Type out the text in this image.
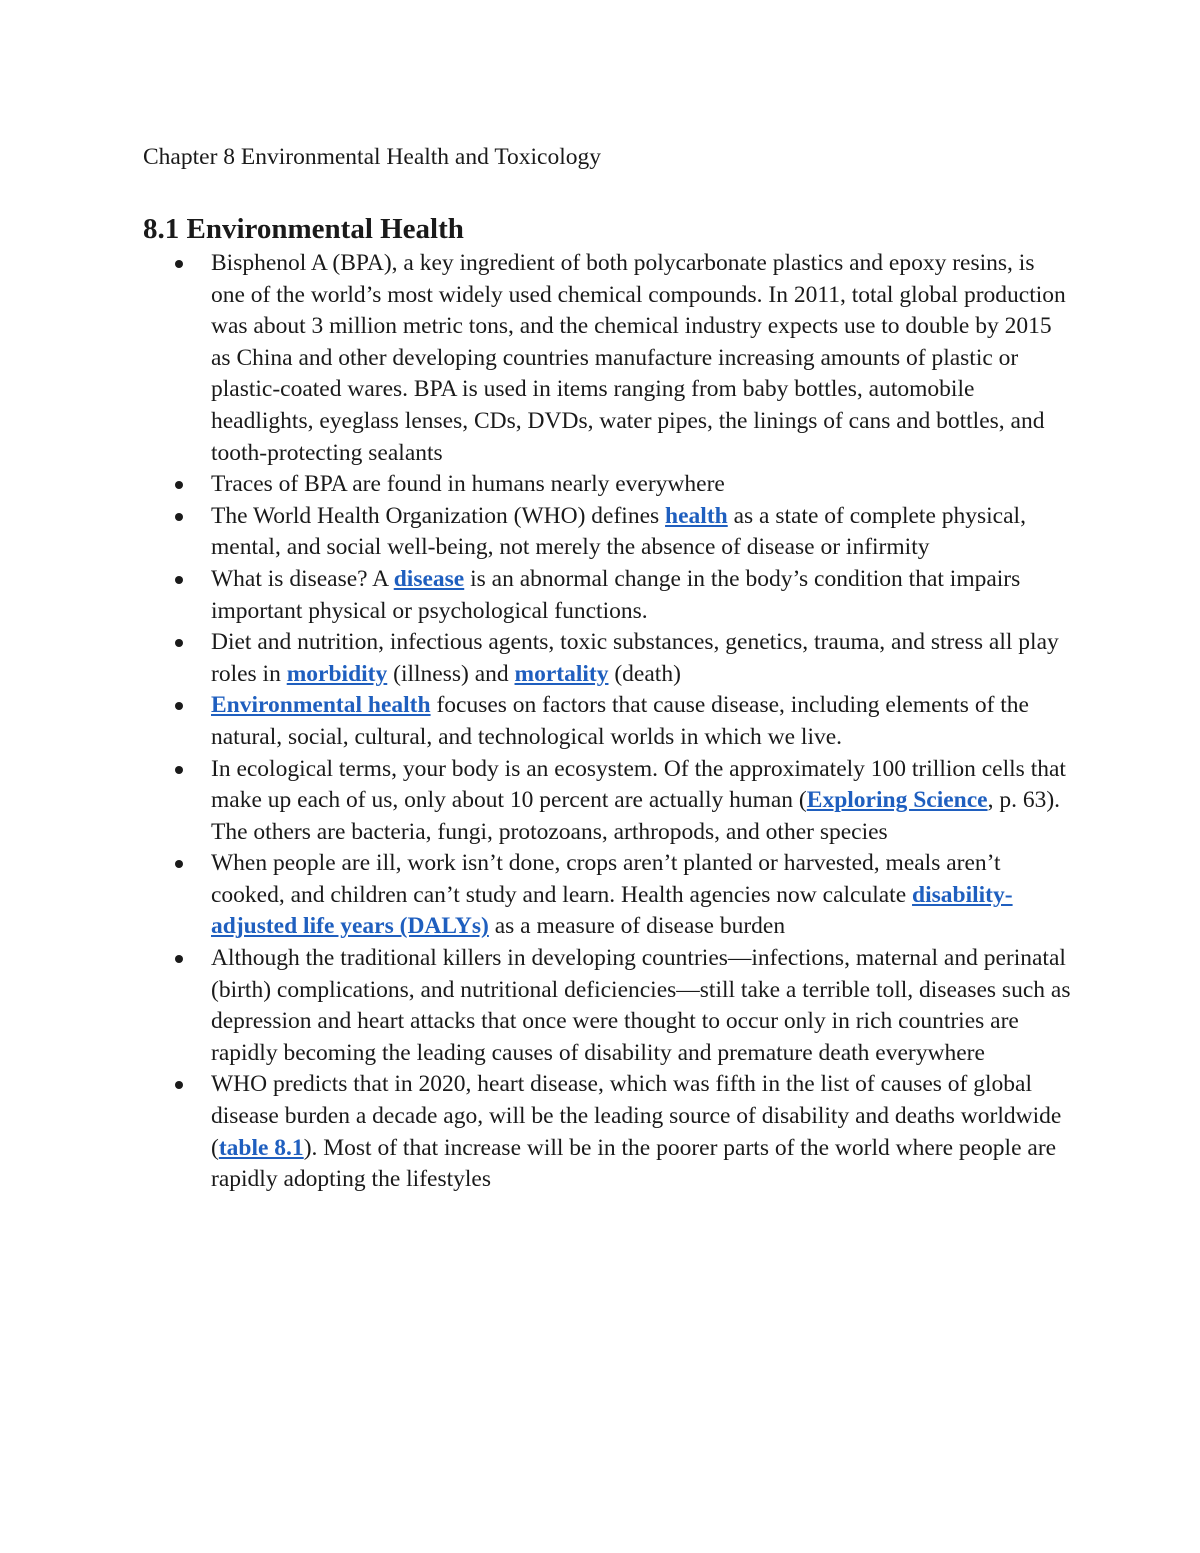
Chapter 8 Environmental Health and Toxicology
8.1 Environmental Health
Bisphenol A (BPA), a key ingredient of both polycarbonate plastics and epoxy resins, is one of the world’s most widely used chemical compounds. In 2011, total global production was about 3 million metric tons, and the chemical industry expects use to double by 2015 as China and other developing countries manufacture increasing amounts of plastic or plastic-coated wares. BPA is used in items ranging from baby bottles, automobile headlights, eyeglass lenses, CDs, DVDs, water pipes, the linings of cans and bottles, and tooth-protecting sealants
Traces of BPA are found in humans nearly everywhere
The World Health Organization (WHO) defines health as a state of complete physical, mental, and social well-being, not merely the absence of disease or infirmity
What is disease? A disease is an abnormal change in the body’s condition that impairs important physical or psychological functions.
Diet and nutrition, infectious agents, toxic substances, genetics, trauma, and stress all play roles in morbidity (illness) and mortality (death)
Environmental health focuses on factors that cause disease, including elements of the natural, social, cultural, and technological worlds in which we live.
In ecological terms, your body is an ecosystem. Of the approximately 100 trillion cells that make up each of us, only about 10 percent are actually human (Exploring Science, p. 63). The others are bacteria, fungi, protozoans, arthropods, and other species
When people are ill, work isn’t done, crops aren’t planted or harvested, meals aren’t cooked, and children can’t study and learn. Health agencies now calculate disability-adjusted life years (DALYs) as a measure of disease burden
Although the traditional killers in developing countries—infections, maternal and perinatal (birth) complications, and nutritional deficiencies—still take a terrible toll, diseases such as depression and heart attacks that once were thought to occur only in rich countries are rapidly becoming the leading causes of disability and premature death everywhere
WHO predicts that in 2020, heart disease, which was fifth in the list of causes of global disease burden a decade ago, will be the leading source of disability and deaths worldwide (table 8.1). Most of that increase will be in the poorer parts of the world where people are rapidly adopting the lifestyles
